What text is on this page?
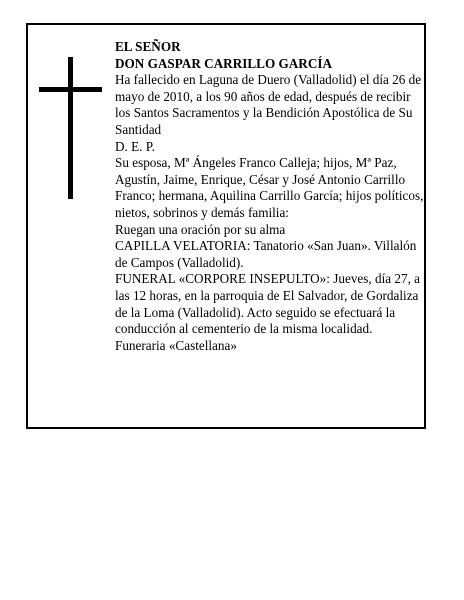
EL SEÑOR

DON GASPAR CARRILLO GARCÍA

Ha fallecido en Laguna de Duero (Valladolid) el día 26 de mayo de 2010, a los 90 años de edad, después de recibir los Santos Sacramentos y la Bendición Apostólica de Su Santidad

D. E. P.

Su esposa, Mª Ángeles Franco Calleja; hijos, Mª Paz, Agustín, Jaime, Enrique, César y José Antonio Carrillo Franco; hermana, Aquilina Carrillo García; hijos políticos, nietos, sobrinos y demás familia:

Ruegan una oración por su alma

CAPILLA VELATORIA: Tanatorio «San Juan». Villalón de Campos (Valladolid).

FUNERAL «CORPORE INSEPULTO»: Jueves, día 27, a las 12 horas, en la parroquia de El Salvador, de Gordaliza de la Loma (Valladolid). Acto seguido se efectuará la conducción al cementerio de la misma localidad.

Funeraria «Castellana»
